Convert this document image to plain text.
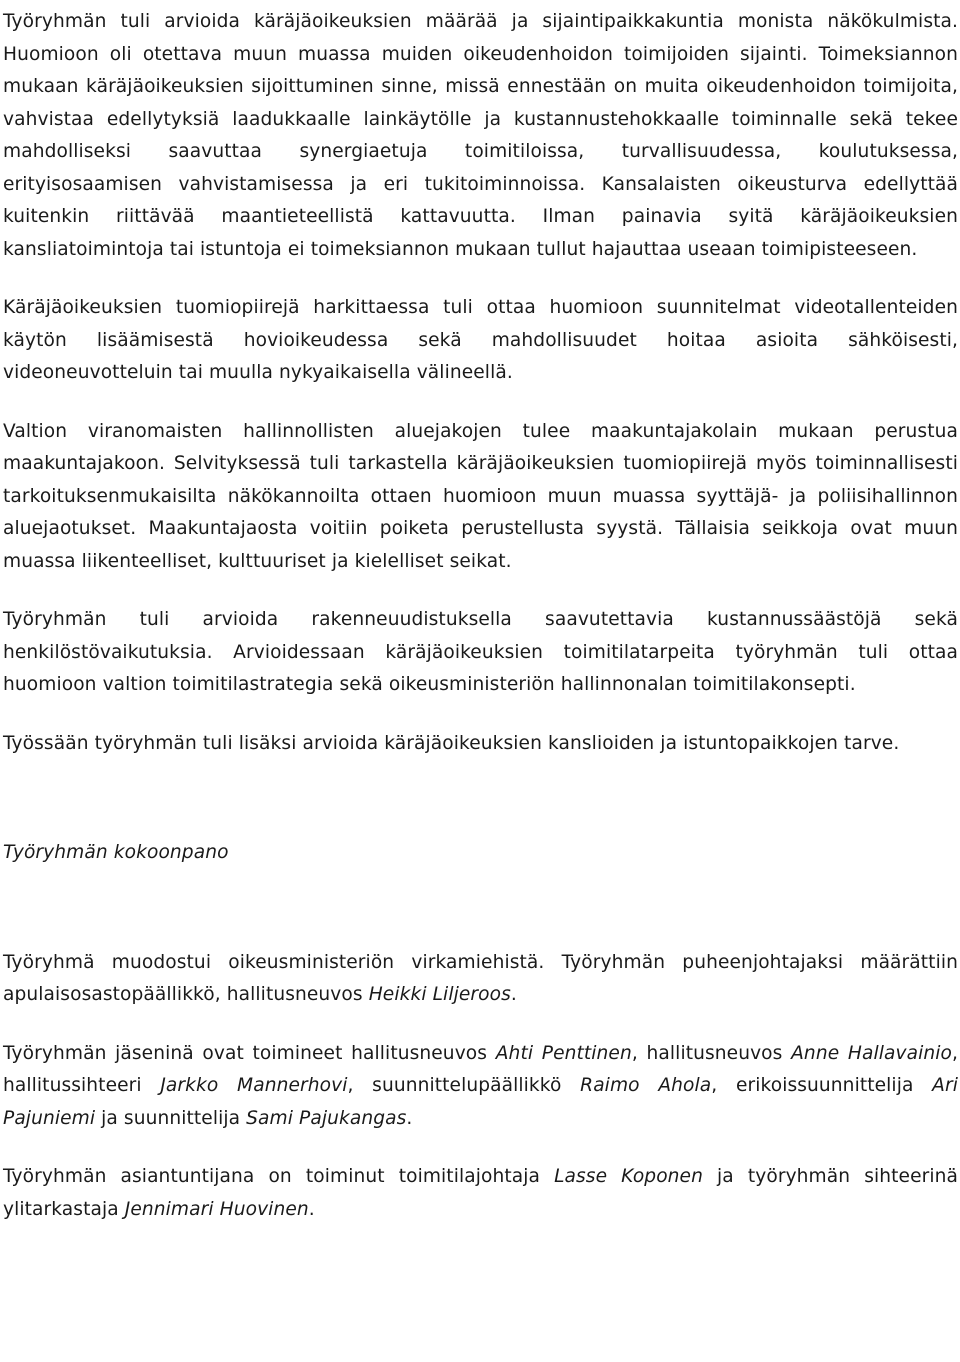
Työryhmän tuli arvioida käräjäoikeuksien määrää ja sijaintipaikkakuntia monista näkökulmista. Huomioon oli otettava muun muassa muiden oikeudenhoidon toimijoiden sijainti. Toimeksiannon mukaan käräjäoikeuksien sijoittuminen sinne, missä ennestään on muita oikeudenhoidon toimijoita, vahvistaa edellytyksiä laadukkaalle lainkäytölle ja kustannustehokkaalle toiminnalle sekä tekee mahdolliseksi saavuttaa synergiaetuja toimitiloissa, turvallisuudessa, koulutuksessa, erityisosaamisen vahvistamisessa ja eri tukitoiminnoissa. Kansalaisten oikeusturva edellyttää kuitenkin riittävää maantieteellistä kattavuutta. Ilman painavia syitä käräjäoikeuksien kansliatoimintoja tai istuntoja ei toimeksiannon mukaan tullut hajauttaa useaan toimipisteeseen.

Käräjäoikeuksien tuomiopiirejä harkittaessa tuli ottaa huomioon suunnitelmat videotallenteiden käytön lisäämisestä hovioikeudessa sekä mahdollisuudet hoitaa asioita sähköisesti, videoneuvotteluin tai muulla nykyaikaisella välineellä.

Valtion viranomaisten hallinnollisten aluejakojen tulee maakuntajakolain mukaan perustua maakuntajakoon. Selvityksessä tuli tarkastella käräjäoikeuksien tuomiopiirejä myös toiminnallisesti tarkoituksenmukaisilta näkökannoilta ottaen huomioon muun muassa syyttäjä- ja poliisihallinnon aluejaotukset. Maakuntajaosta voitiin poiketa perustellusta syystä. Tällaisia seikkoja ovat muun muassa liikenteelliset, kulttuuriset ja kielelliset seikat.

Työryhmän tuli arvioida rakenneuudistuksella saavutettavia kustannussäästöjä sekä henkilöstövaikutuksia. Arvioidessaan käräjäoikeuksien toimitilatarpeita työryhmän tuli ottaa huomioon valtion toimitilastrategia sekä oikeusministeriön hallinnonalan toimitilakonsepti.

Työssään työryhmän tuli lisäksi arvioida käräjäoikeuksien kanslioiden ja istuntopaikkojen tarve.

Työryhmän kokoonpano

Työryhmä muodostui oikeusministeriön virkamiehistä. Työryhmän puheenjohtajaksi määrättiin apulaisosastopäällikkö, hallitusneuvos Heikki Liljeroos.

Työryhmän jäseninä ovat toimineet hallitusneuvos Ahti Penttinen, hallitusneuvos Anne Hallavainio, hallitussihteeri Jarkko Mannerhovi, suunnittelupäällikkö Raimo Ahola, erikoissuunnittelija Ari Pajuniemi ja suunnittelija Sami Pajukangas.

Työryhmän asiantuntijana on toiminut toimitilajohtaja Lasse Koponen ja työryhmän sihteerinä ylitarkastaja Jennimari Huovinen.
